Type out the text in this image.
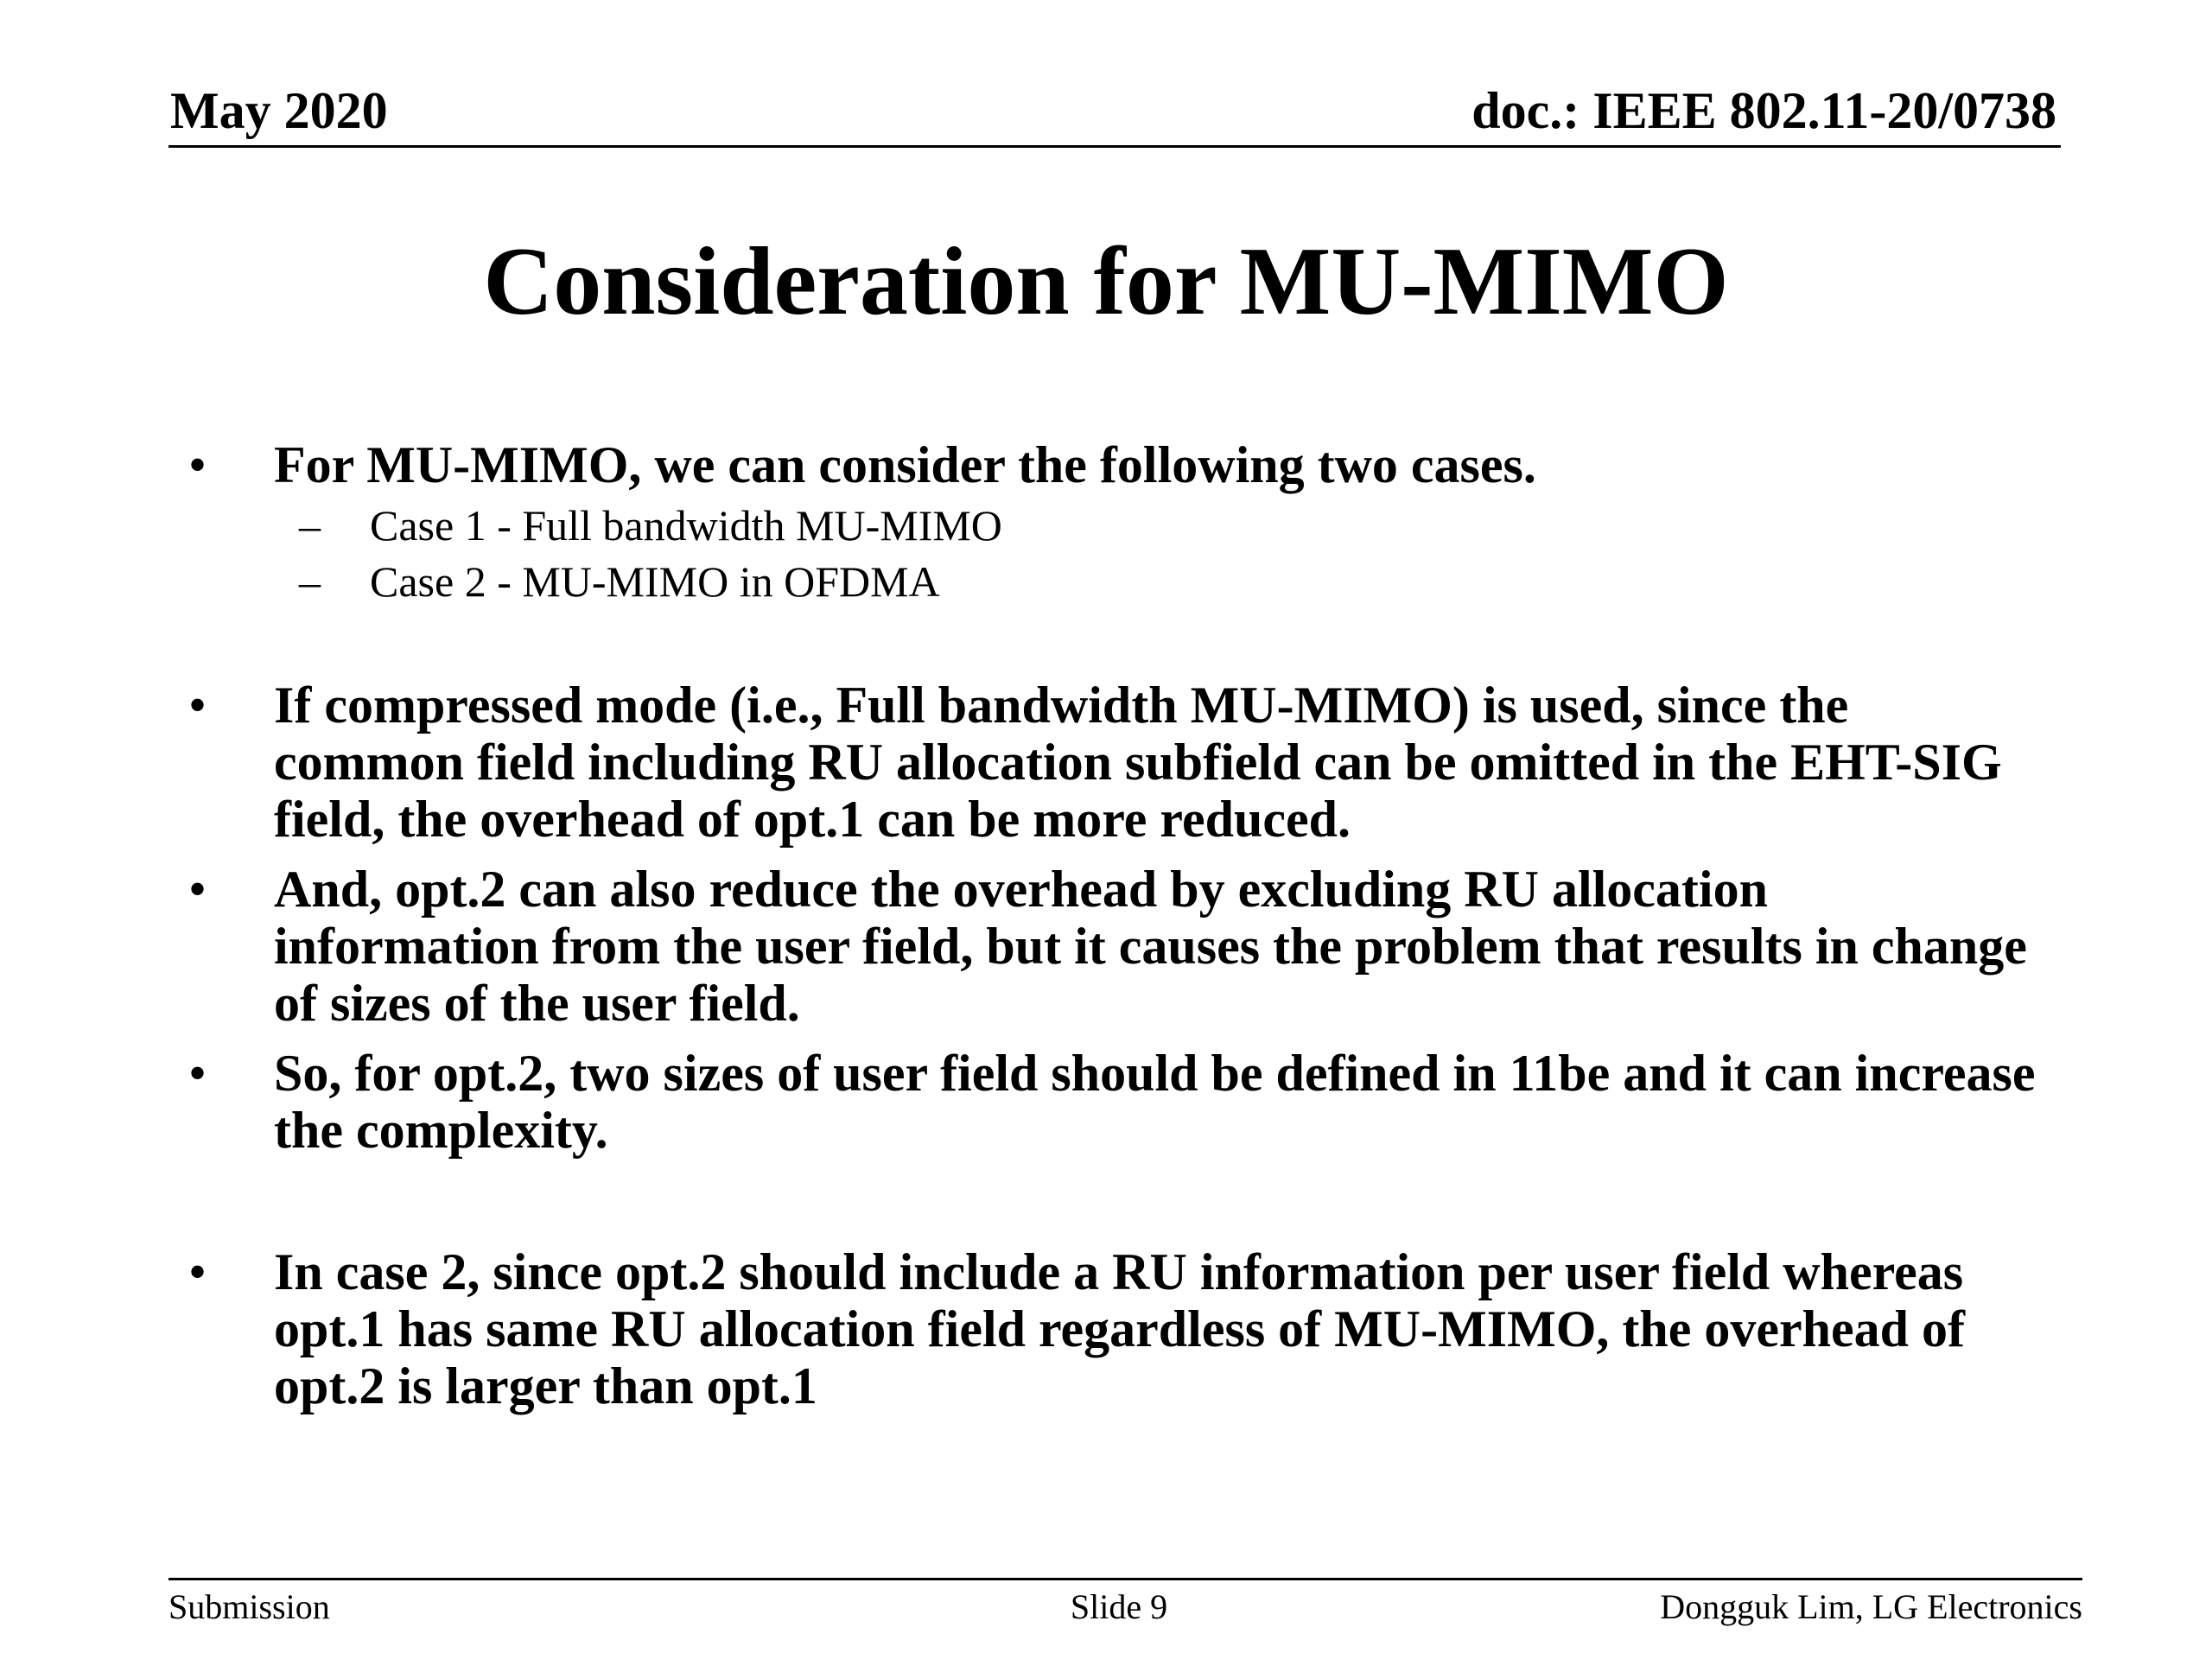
May 2020	doc.: IEEE 802.11-20/0738
Consideration for MU-MIMO
• For MU-MIMO, we can consider the following two cases.
– Case 1 - Full bandwidth MU-MIMO
– Case 2 - MU-MIMO in OFDMA
• If compressed mode (i.e., Full bandwidth MU-MIMO) is used, since the common field including RU allocation subfield can be omitted in the EHT-SIG field, the overhead of opt.1 can be more reduced.
• And, opt.2 can also reduce the overhead by excluding RU allocation information from the user field, but it causes the problem that results in change of sizes of the user field.
• So, for opt.2, two sizes of user field should be defined in 11be and it can increase the complexity.
• In case 2, since opt.2 should include a RU information per user field whereas opt.1 has same RU allocation field regardless of MU-MIMO, the overhead of opt.2 is larger than opt.1
Submission	Slide 9	Dongguk Lim, LG Electronics
